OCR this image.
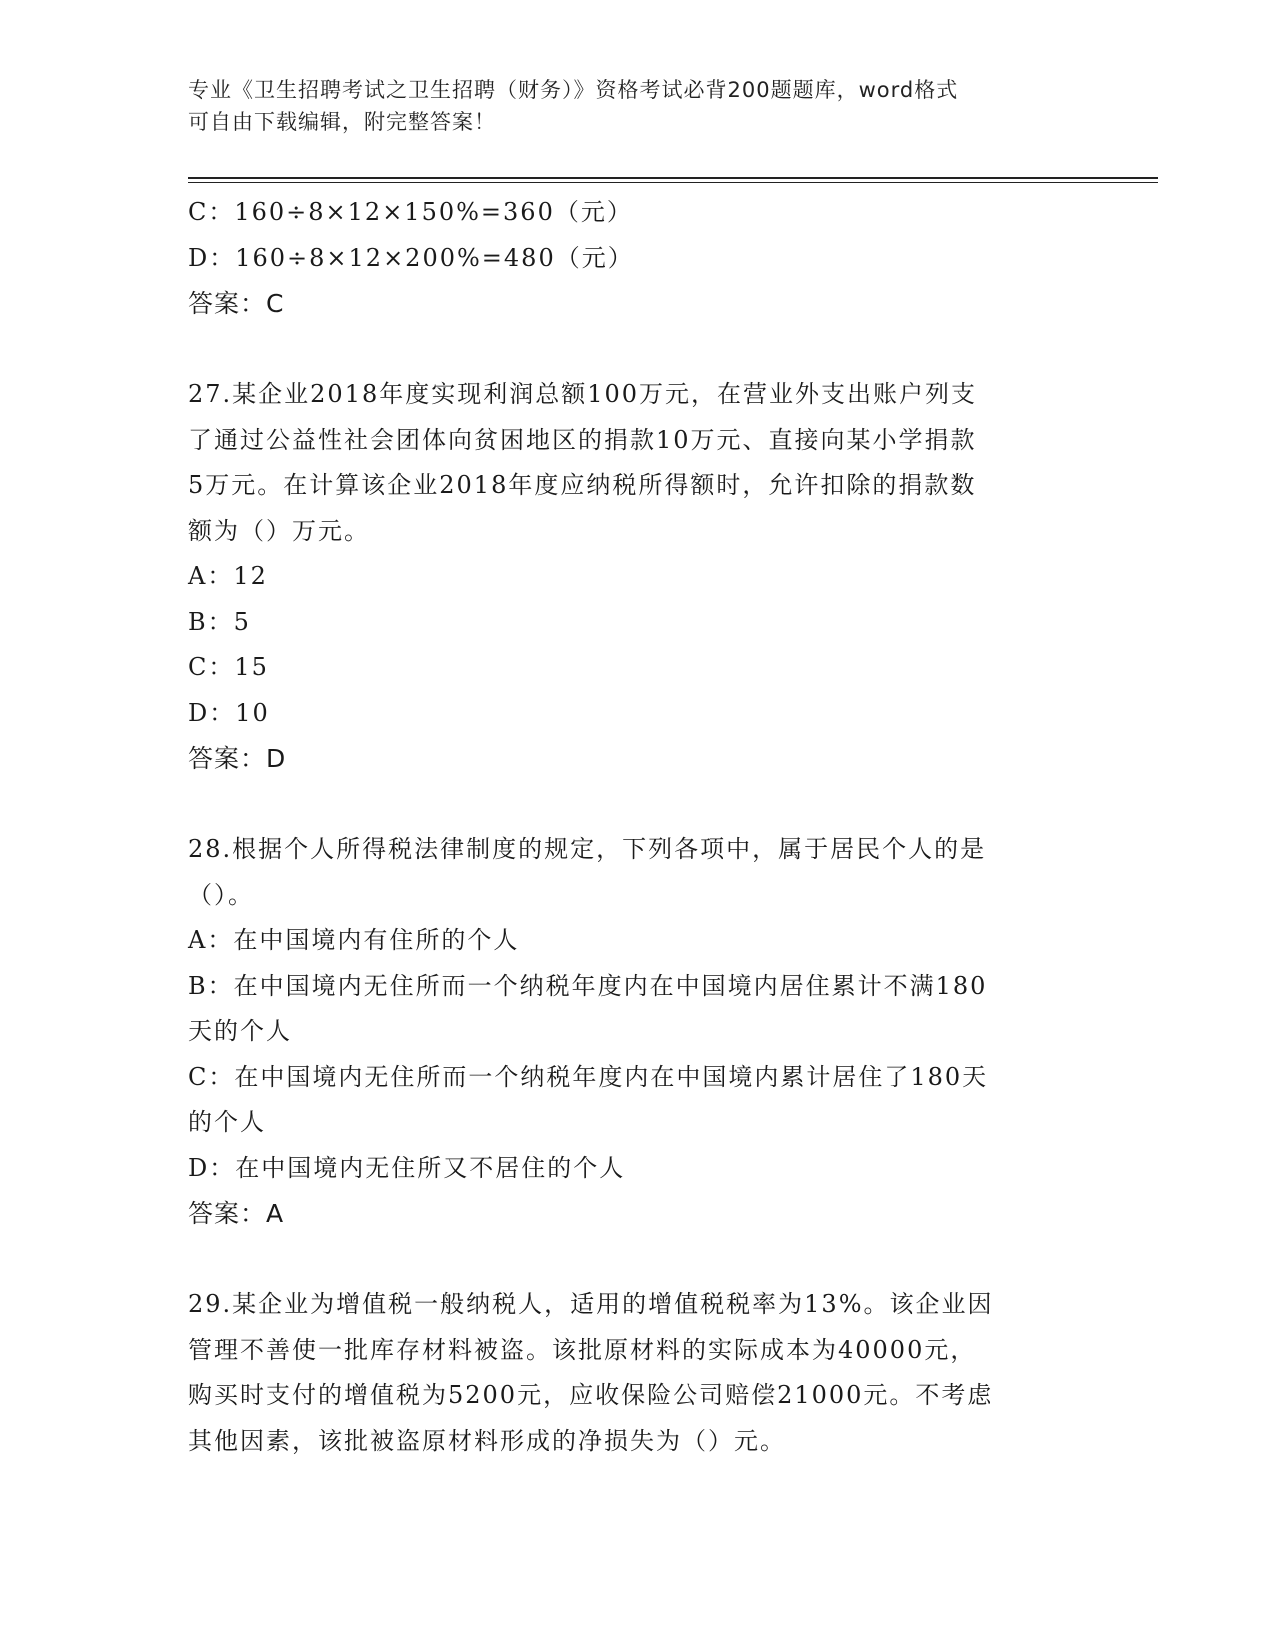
专业《卫生招聘考试之卫生招聘（财务）》资格考试必背200题题库，word格式
可自由下载编辑，附完整答案！

C：160÷8×12×150%=360（元）

D：160÷8×12×200%=480（元）

答案：C

27.某企业2018年度实现利润总额100万元，在营业外支出账户列支

了通过公益性社会团体向贫困地区的捐款10万元、直接向某小学捐款

5万元。在计算该企业2018年度应纳税所得额时，允许扣除的捐款数

额为（）万元。

A：12

B：5

C：15

D：10

答案：D

28.根据个人所得税法律制度的规定，下列各项中，属于居民个人的是

（）。

A：在中国境内有住所的个人

B：在中国境内无住所而一个纳税年度内在中国境内居住累计不满180

天的个人

C：在中国境内无住所而一个纳税年度内在中国境内累计居住了180天

的个人

D：在中国境内无住所又不居住的个人

答案：A

29.某企业为增值税一般纳税人，适用的增值税税率为13%。该企业因

管理不善使一批库存材料被盗。该批原材料的实际成本为40000元，

购买时支付的增值税为5200元，应收保险公司赔偿21000元。不考虑

其他因素，该批被盗原材料形成的净损失为（）元。
